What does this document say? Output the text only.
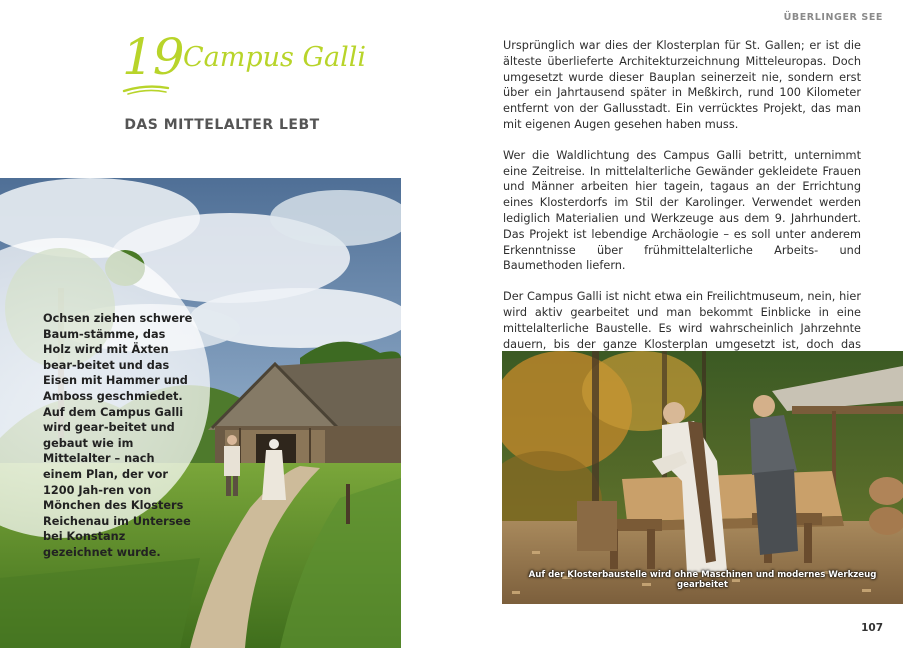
19 Campus Galli
DAS MITTELALTER LEBT
Ochsen ziehen schwere Baum-stämme, das Holz wird mit Äxten bear-beitet und das Eisen mit Hammer und Amboss geschmiedet. Auf dem Campus Galli wird gear-beitet und gebaut wie im Mittelalter – nach einem Plan, der vor 1200 Jah-ren von Mönchen des Klosters Reichenau im Untersee bei Konstanz gezeichnet wurde.
ÜBERLINGER SEE

Ursprünglich war dies der Klosterplan für St. Gallen; er ist die älteste überlieferte Architekturzeichnung Mitteleuropas. Doch umgesetzt wurde dieser Bauplan seinerzeit nie, sondern erst über ein Jahrtausend später in Meßkirch, rund 100 Kilometer entfernt von der Gallusstadt. Ein verrücktes Projekt, das man mit eigenen Augen gesehen haben muss.

Wer die Waldlichtung des Campus Galli betritt, unternimmt eine Zeitreise. In mittelalterliche Gewänder gekleidete Frauen und Männer arbeiten hier tagein, tagaus an der Errichtung eines Klosterdorfs im Stil der Karolinger. Verwendet werden lediglich Materialien und Werkzeuge aus dem 9. Jahrhundert. Das Projekt ist lebendige Archäologie – es soll unter anderem Erkenntnisse über frühmittelalterliche Arbeits- und Baumethoden liefern.

Der Campus Galli ist nicht etwa ein Freilichtmuseum, nein, hier wird aktiv gearbeitet und man bekommt Einblicke in eine mittelalterliche Baustelle. Es wird wahrscheinlich Jahrzehnte dauern, bis der ganze Klosterplan umgesetzt ist, doch das

Auf der Klosterbaustelle wird ohne Maschinen und modernes Werkzeug gearbeitet
107
